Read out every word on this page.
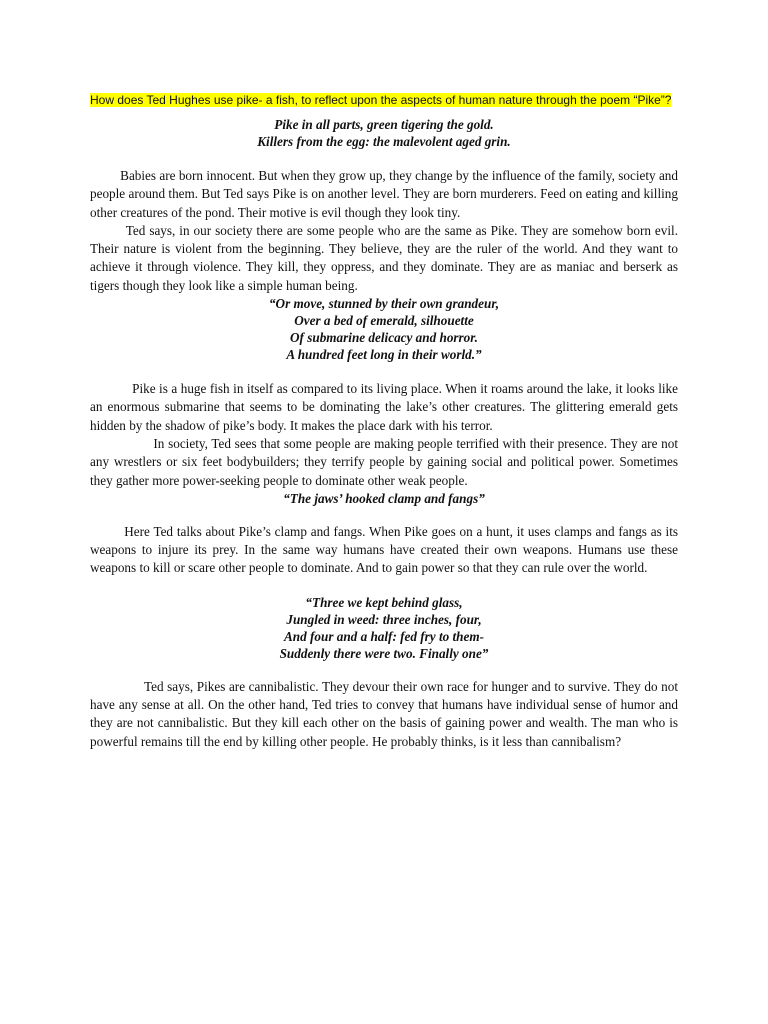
How does Ted Hughes use pike- a fish, to reflect upon the aspects of human nature through the poem “Pike”?

Pike in all parts, green tigering the gold.
Killers from the egg: the malevolent aged grin.

Babies are born innocent. But when they grow up, they change by the influence of the family, society and people around them. But Ted says Pike is on another level. They are born murderers. Feed on eating and killing other creatures of the pond. Their motive is evil though they look tiny.

Ted says, in our society there are some people who are the same as Pike. They are somehow born evil. Their nature is violent from the beginning. They believe, they are the ruler of the world. And they want to achieve it through violence. They kill, they oppress, and they dominate. They are as maniac and berserk as tigers though they look like a simple human being.

“Or move, stunned by their own grandeur,
Over a bed of emerald, silhouette
Of submarine delicacy and horror.
A hundred feet long in their world.”

Pike is a huge fish in itself as compared to its living place. When it roams around the lake, it looks like an enormous submarine that seems to be dominating the lake’s other creatures. The glittering emerald gets hidden by the shadow of pike’s body. It makes the place dark with his terror.

In society, Ted sees that some people are making people terrified with their presence. They are not any wrestlers or six feet bodybuilders; they terrify people by gaining social and political power. Sometimes they gather more power-seeking people to dominate other weak people.

“The jaws’ hooked clamp and fangs”

Here Ted talks about Pike’s clamp and fangs. When Pike goes on a hunt, it uses clamps and fangs as its weapons to injure its prey. In the same way humans have created their own weapons. Humans use these weapons to kill or scare other people to dominate. And to gain power so that they can rule over the world.

“Three we kept behind glass,
Jungled in weed: three inches, four,
And four and a half: fed fry to them-
Suddenly there were two. Finally one”

Ted says, Pikes are cannibalistic. They devour their own race for hunger and to survive. They do not have any sense at all. On the other hand, Ted tries to convey that humans have individual sense of humor and they are not cannibalistic. But they kill each other on the basis of gaining power and wealth. The man who is powerful remains till the end by killing other people. He probably thinks, is it less than cannibalism?
